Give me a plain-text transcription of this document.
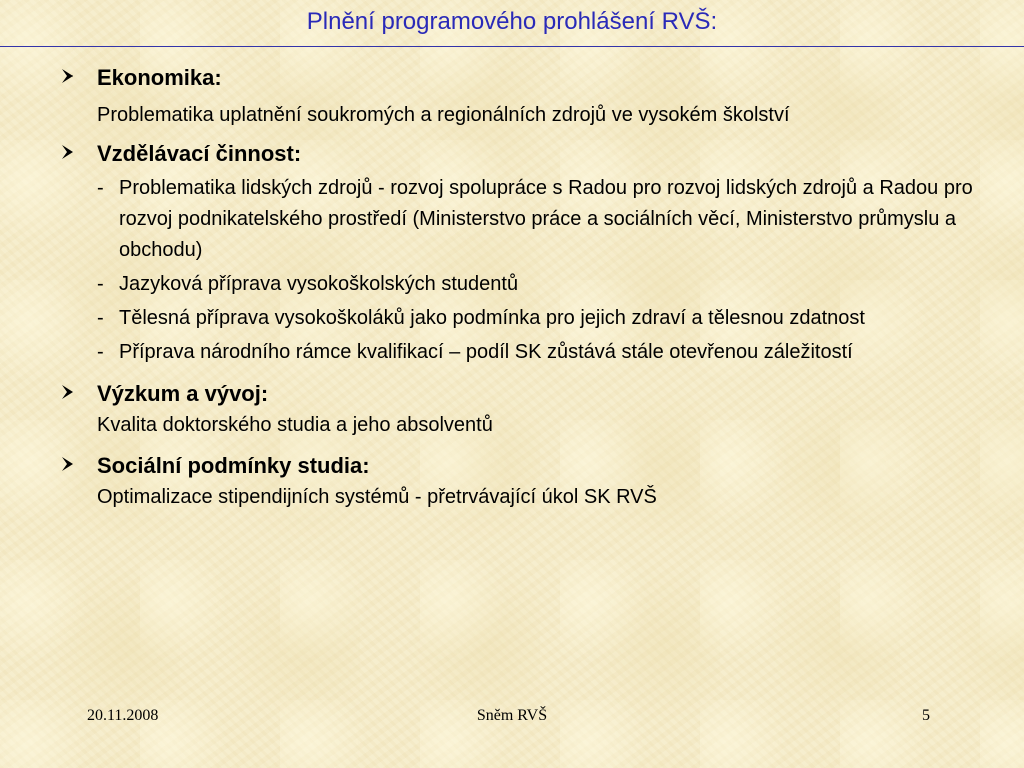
Plnění programového prohlášení RVŠ:
Ekonomika:
Problematika uplatnění soukromých a regionálních zdrojů ve vysokém školství
Vzdělávací činnost:
- Problematika lidských zdrojů - rozvoj spolupráce s Radou pro rozvoj lidských zdrojů a Radou pro rozvoj podnikatelského prostředí (Ministerstvo práce a sociálních věcí, Ministerstvo průmyslu a obchodu)
- Jazyková příprava vysokoškolských studentů
- Tělesná příprava vysokoškoláků jako podmínka pro jejich zdraví a tělesnou zdatnost
- Příprava národního rámce kvalifikací – podíl SK zůstává stále otevřenou záležitostí
Výzkum a vývoj:
Kvalita doktorského studia a jeho absolventů
Sociální podmínky studia:
Optimalizace stipendijních systémů - přetrvávající úkol SK RVŠ
20.11.2008	Sněm RVŠ	5
